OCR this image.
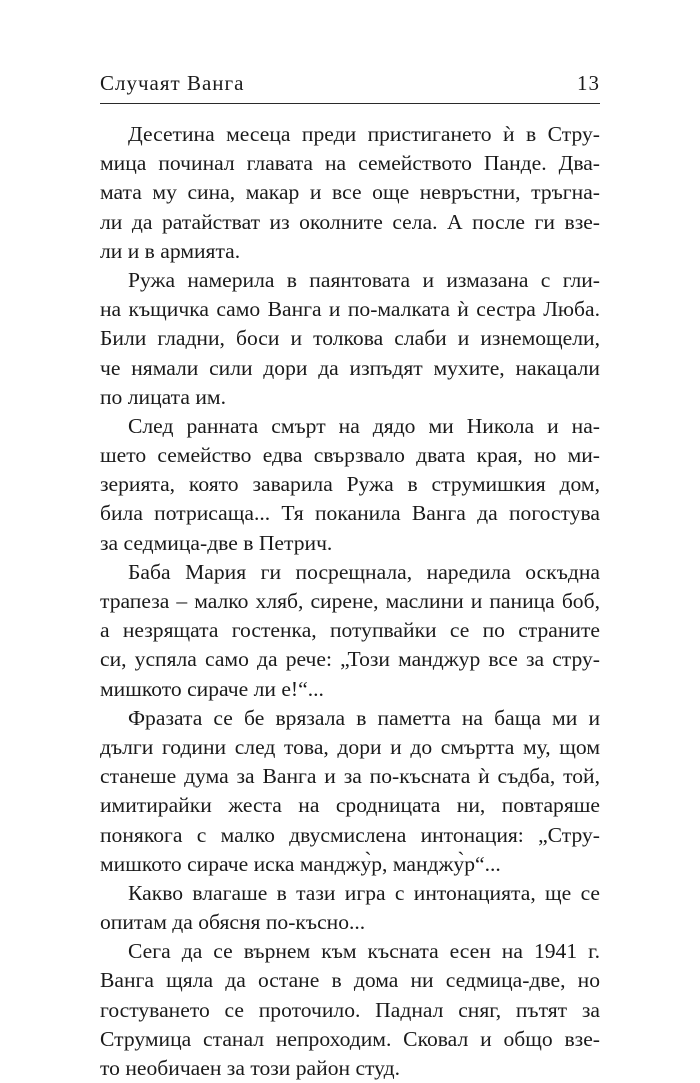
Случаят Ванга	13
Десетина месеца преди пристигането ѝ в Стру-
мица починал главата на семейството Панде. Два-
мата му сина, макар и все още невръстни, тръгна-
ли да ратайстват из околните села. А после ги взе-
ли и в армията.
Ружа намерила в паянтовата и измазана с гли-
на къщичка само Ванга и по-малката ѝ сестра Люба.
Били гладни, боси и толкова слаби и изнемощели,
че нямали сили дори да изпъдят мухите, накацали
по лицата им.
След ранната смърт на дядо ми Никола и на-
шето семейство едва свързвало двата края, но ми-
зерията, която заварила Ружа в струмишкия дом,
била потрисаща... Тя поканила Ванга да погостува
за седмица-две в Петрич.
Баба Мария ги посрещнала, наредила оскъдна
трапеза – малко хляб, сирене, маслини и паница боб,
а незрящата гостенка, потупвайки се по страните
си, успяла само да рече: „Този манджур все за стру-
мишкото сираче ли е!“...
Фразата се бе врязала в паметта на баща ми и
дълги години след това, дори и до смъртта му, щом
станеше дума за Ванга и за по-късната ѝ съдба, той,
имитирайки жеста на сродницата ни, повтаряше
понякога с малко двусмислена интонация: „Стру-
мишкото сираче иска манджу̀р, манджу̀р“...
Какво влагаше в тази игра с интонацията, ще се
опитам да обясня по-късно...
Сега да се върнем към късната есен на 1941 г.
Ванга щяла да остане в дома ни седмица-две, но
гостуването се проточило. Паднал сняг, пътят за
Струмица станал непроходим. Сковал и общо взе-
то необичаен за този район студ.
